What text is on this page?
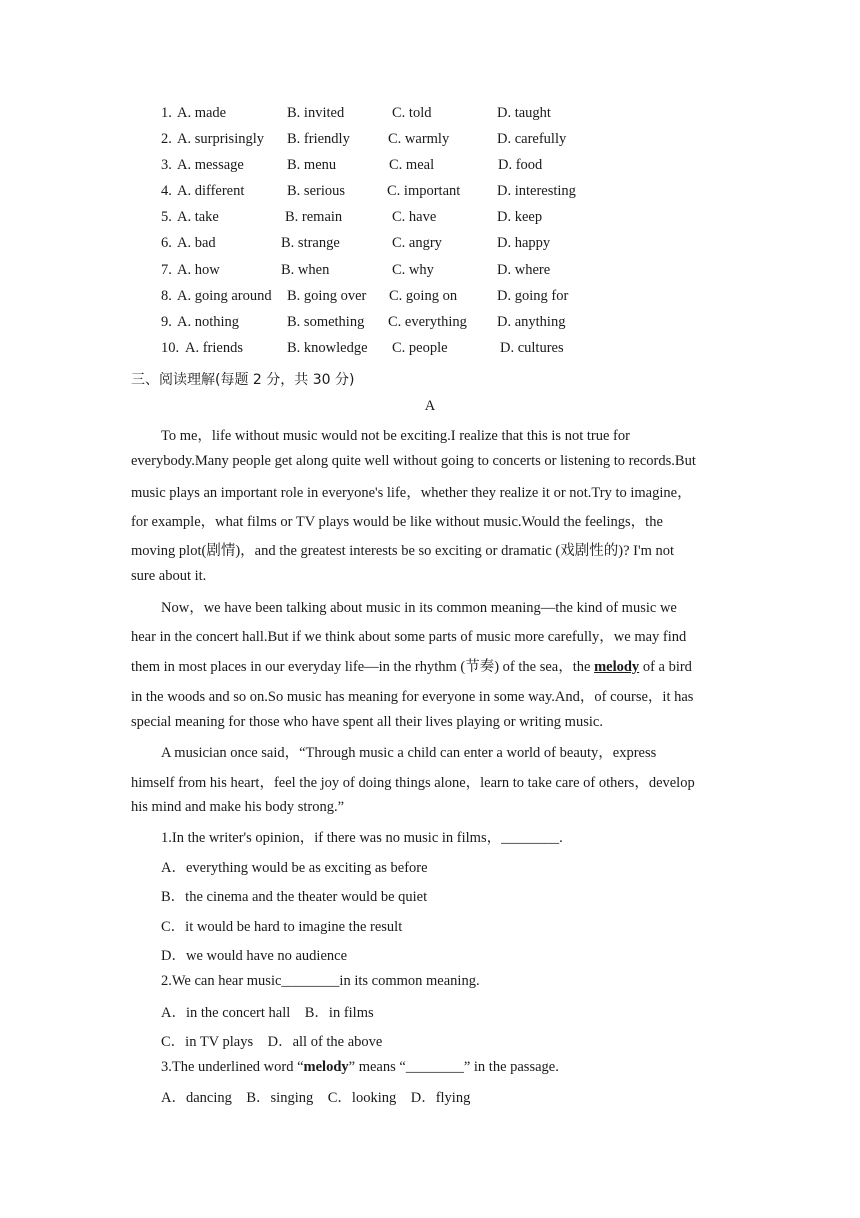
1. A. made	B. invited	C. told	D. taught
2. A. surprisingly B. friendly	C. warmly	D. carefully
3. A. message	B. menu	C. meal	D. food
4. A. different	B. serious	C. important	D. interesting
5. A. take	B. remain	C. have	D. keep
6. A. bad	B. strange	C. angry	D. happy
7. A. how	B. when	C. why	D. where
8. A. going around B. going over C. going on	D. going for
9. A. nothing	B. something C. everything D. anything
10. A. friends	B. knowledge C. people	D. cultures
三、阅读理解(每题 2 分，共 30 分)
A
To me，life without music would not be exciting.I realize that this is not true for
everybody.Many people get along quite well without going to concerts or listening to records.But
music plays an important role in everyone's life，whether they realize it or not.Try to imagine，
for example，what films or TV plays would be like without music.Would the feelings，the
moving plot(剧情)，and the greatest interests be so exciting or dramatic (戏剧性的)? I'm not
sure about it.
Now，we have been talking about music in its common meaning—the kind of music we
hear in the concert hall.But if we think about some parts of music more carefully，we may find
them in most places in our everyday life—in the rhythm (节奏) of the sea，the melody of a bird
in the woods and so on.So music has meaning for everyone in some way.And，of course，it has
special meaning for those who have spent all their lives playing or writing music.
A musician once said，“Through music a child can enter a world of beauty，express
himself from his heart，feel the joy of doing things alone，learn to take care of others，develop
his mind and make his body strong.”
1.In the writer's opinion，if there was no music in films，________.
A．everything would be as exciting as before
B．the cinema and the theater would be quiet
C．it would be hard to imagine the result
D．we would have no audience
2.We can hear music________in its common meaning.
A．in the concert hall　B．in films
C．in TV plays　D．all of the above
3.The underlined word “melody” means “________” in the passage.
A．dancing　B．singing　C．looking　D．flying
